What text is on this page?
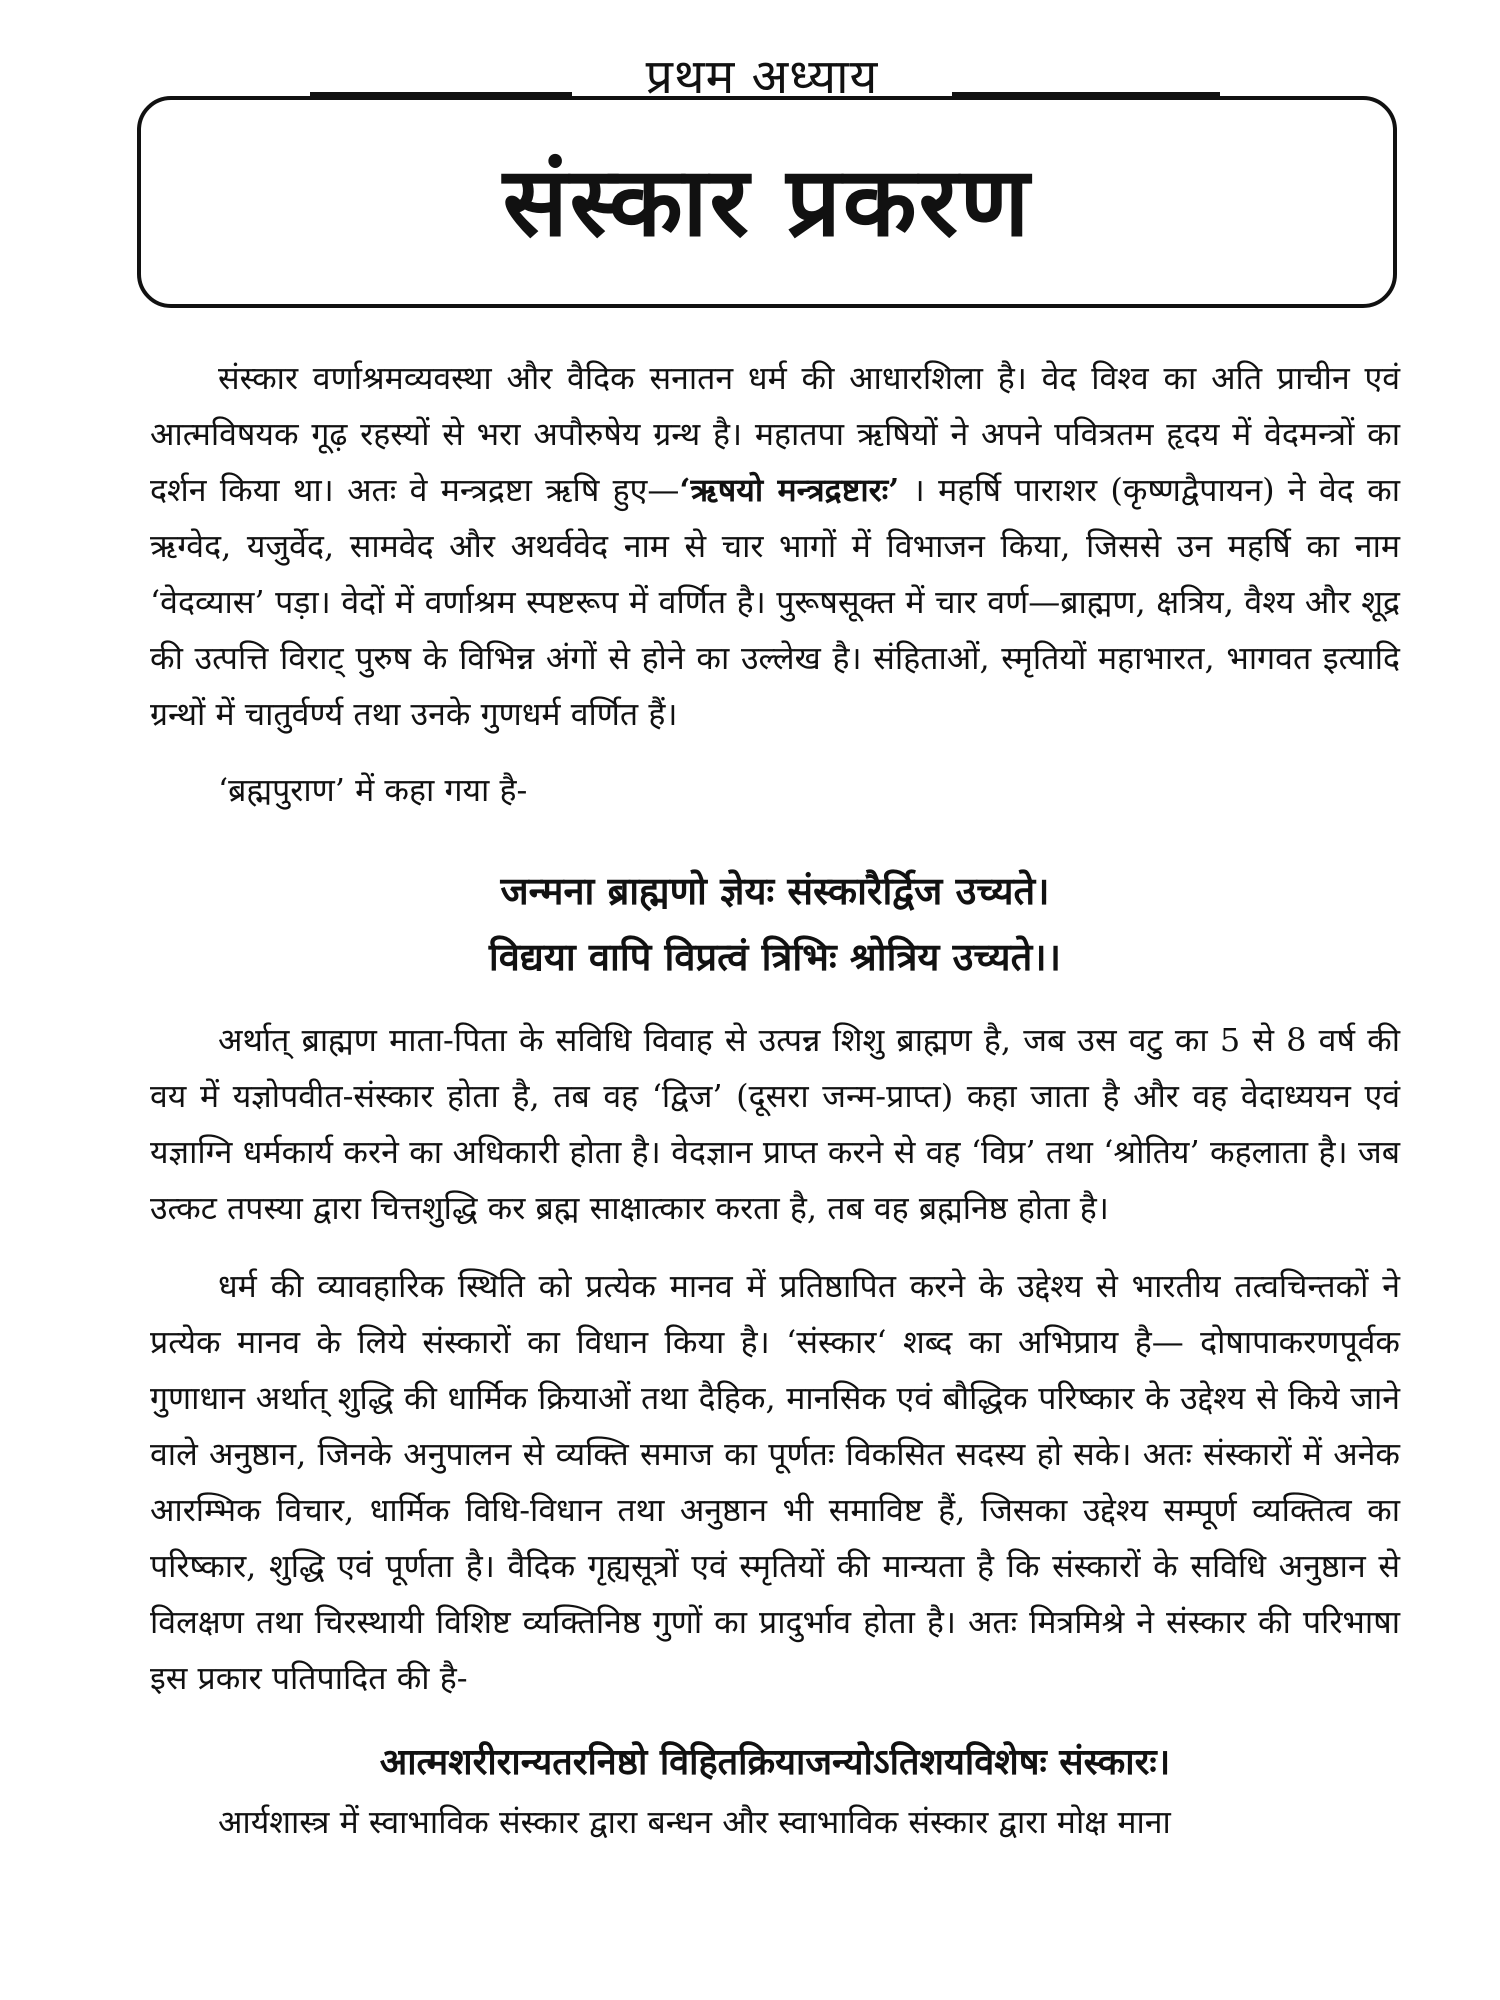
प्रथम अध्याय
संस्कार प्रकरण

संस्कार वर्णाश्रमव्यवस्था और वैदिक सनातन धर्म की आधारशिला है। वेद विश्व का अति प्राचीन एवं आत्मविषयक गूढ़ रहस्यों से भरा अपौरुषेय ग्रन्थ है। महातपा ऋषियों ने अपने पवित्रतम हृदय में वेदमन्त्रों का दर्शन किया था। अतः वे मन्त्रद्रष्टा ऋषि हुए—‘ऋषयो मन्त्रद्रष्टारः’ । महर्षि पाराशर (कृष्णद्वैपायन) ने वेद का ऋग्वेद, यजुर्वेद, सामवेद और अथर्ववेद नाम से चार भागों में विभाजन किया, जिससे उन महर्षि का नाम ‘वेदव्यास’ पड़ा। वेदों में वर्णाश्रम स्पष्टरूप में वर्णित है। पुरूषसूक्त में चार वर्ण—ब्राह्मण, क्षत्रिय, वैश्य और शूद्र की उत्पत्ति विराट् पुरुष के विभिन्न अंगों से होने का उल्लेख है। संहिताओं, स्मृतियों महाभारत, भागवत इत्यादि ग्रन्थों में चातुर्वर्ण्य तथा उनके गुणधर्म वर्णित हैं।

‘ब्रह्मपुराण’ में कहा गया है-

जन्मना ब्राह्मणो ज्ञेयः संस्कारैर्द्विज उच्यते।
विद्यया वापि विप्रत्वं त्रिभिः श्रोत्रिय उच्यते।।

अर्थात् ब्राह्मण माता-पिता के सविधि विवाह से उत्पन्न शिशु ब्राह्मण है, जब उस वटु का 5 से 8 वर्ष की वय में यज्ञोपवीत-संस्कार होता है, तब वह ‘द्विज’ (दूसरा जन्म-प्राप्त) कहा जाता है और वह वेदाध्ययन एवं यज्ञाग्नि धर्मकार्य करने का अधिकारी होता है। वेदज्ञान प्राप्त करने से वह ‘विप्र’ तथा ‘श्रोतिय’ कहलाता है। जब उत्कट तपस्या द्वारा चित्तशुद्धि कर ब्रह्म साक्षात्कार करता है, तब वह ब्रह्मनिष्ठ होता है।

धर्म की व्यावहारिक स्थिति को प्रत्येक मानव में प्रतिष्ठापित करने के उद्देश्य से भारतीय तत्वचिन्तकों ने प्रत्येक मानव के लिये संस्कारों का विधान किया है। ‘संस्कार‘ शब्द का अभिप्राय है— दोषापाकरणपूर्वक गुणाधान अर्थात् शुद्धि की धार्मिक क्रियाओं तथा दैहिक, मानसिक एवं बौद्धिक परिष्कार के उद्देश्य से किये जाने वाले अनुष्ठान, जिनके अनुपालन से व्यक्ति समाज का पूर्णतः विकसित सदस्य हो सके। अतः संस्कारों में अनेक आरम्भिक विचार, धार्मिक विधि-विधान तथा अनुष्ठान भी समाविष्ट हैं, जिसका उद्देश्य सम्पूर्ण व्यक्तित्व का परिष्कार, शुद्धि एवं पूर्णता है। वैदिक गृह्यसूत्रों एवं स्मृतियों की मान्यता है कि संस्कारों के सविधि अनुष्ठान से विलक्षण तथा चिरस्थायी विशिष्ट व्यक्तिनिष्ठ गुणों का प्रादुर्भाव होता है। अतः मित्रमिश्रे ने संस्कार की परिभाषा इस प्रकार पतिपादित की है-

आत्मशरीरान्यतरनिष्ठो विहितक्रियाजन्योऽतिशयविशेषः संस्कारः।

आर्यशास्त्र में स्वाभाविक संस्कार द्वारा बन्धन और स्वाभाविक संस्कार द्वारा मोक्ष माना
